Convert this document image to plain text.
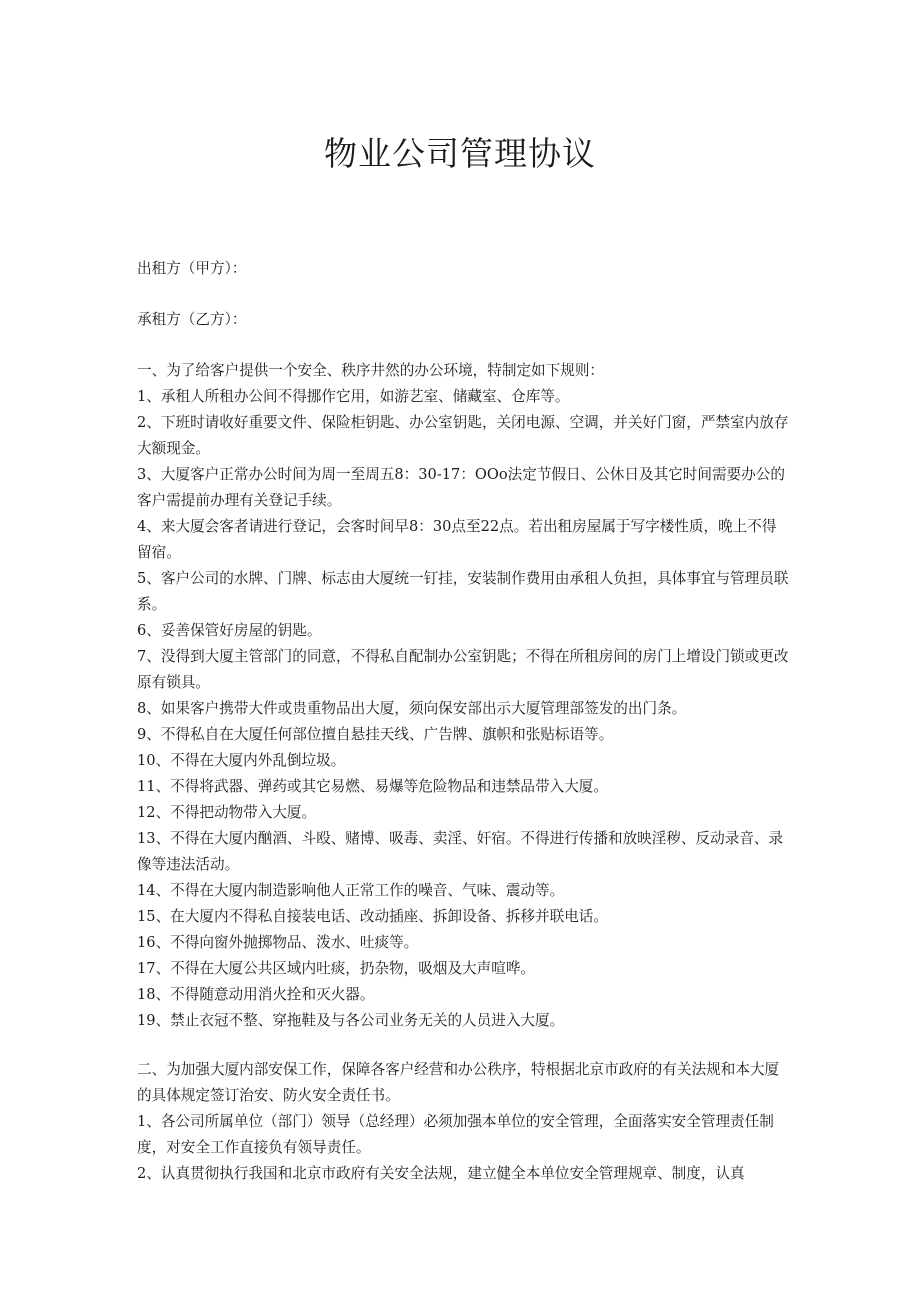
物业公司管理协议

出租方（甲方）：

承租方（乙方）：

一、为了给客户提供一个安全、秩序井然的办公环境，特制定如下规则：

1、承租人所租办公间不得挪作它用，如游艺室、储藏室、仓库等。

2、下班时请收好重要文件、保险柜钥匙、办公室钥匙，关闭电源、空调，并关好门窗，严禁室内放存大额现金。

3、大厦客户正常办公时间为周一至周五8：30-17：OOo法定节假日、公休日及其它时间需要办公的客户需提前办理有关登记手续。

4、来大厦会客者请进行登记，会客时间早8：30点至22点。若出租房屋属于写字楼性质，晚上不得留宿。

5、客户公司的水牌、门牌、标志由大厦统一钉挂，安装制作费用由承租人负担，具体事宜与管理员联系。

6、妥善保管好房屋的钥匙。

7、没得到大厦主管部门的同意，不得私自配制办公室钥匙；不得在所租房间的房门上增设门锁或更改原有锁具。

8、如果客户携带大件或贵重物品出大厦，须向保安部出示大厦管理部签发的出门条。

9、不得私自在大厦任何部位擅自悬挂天线、广告牌、旗帜和张贴标语等。

10、不得在大厦内外乱倒垃圾。

11、不得将武器、弹药或其它易燃、易爆等危险物品和违禁品带入大厦。

12、不得把动物带入大厦。

13、不得在大厦内酗酒、斗殴、赌博、吸毒、卖淫、奸宿。不得进行传播和放映淫秽、反动录音、录像等违法活动。

14、不得在大厦内制造影响他人正常工作的噪音、气味、震动等。

15、在大厦内不得私自接装电话、改动插座、拆卸设备、拆移并联电话。

16、不得向窗外抛掷物品、泼水、吐痰等。

17、不得在大厦公共区域内吐痰，扔杂物，吸烟及大声喧哗。

18、不得随意动用消火拴和灭火器。

19、禁止衣冠不整、穿拖鞋及与各公司业务无关的人员进入大厦。

二、为加强大厦内部安保工作，保障各客户经营和办公秩序，特根据北京市政府的有关法规和本大厦的具体规定签订治安、防火安全责任书。

1、各公司所属单位（部门）领导（总经理）必须加强本单位的安全管理，全面落实安全管理责任制度，对安全工作直接负有领导责任。

2、认真贯彻执行我国和北京市政府有关安全法规，建立健全本单位安全管理规章、制度，认真
